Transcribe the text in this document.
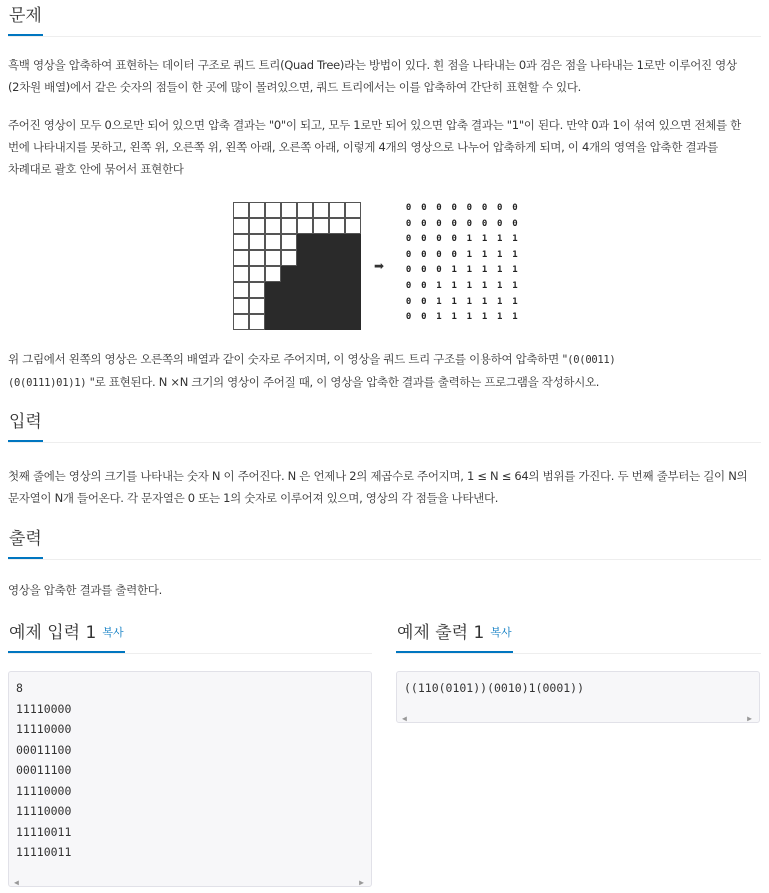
문제

흑백 영상을 압축하여 표현하는 데이터 구조로 쿼드 트리(Quad Tree)라는 방법이 있다. 흰 점을 나타내는 0과 검은 점을 나타내는 1로만 이루어진 영상(2차원 배열)에서 같은 숫자의 점들이 한 곳에 많이 몰려있으면, 쿼드 트리에서는 이를 압축하여 간단히 표현할 수 있다.

주어진 영상이 모두 0으로만 되어 있으면 압축 결과는 "0"이 되고, 모두 1로만 되어 있으면 압축 결과는 "1"이 된다. 만약 0과 1이 섞여 있으면 전체를 한 번에 나타내지를 못하고, 왼쪽 위, 오른쪽 위, 왼쪽 아래, 오른쪽 아래, 이렇게 4개의 영상으로 나누어 압축하게 되며, 이 4개의 영역을 압축한 결과를 차례대로 괄호 안에 묶어서 표현한다

➡
0 0 0 0 0 0 0 0
0 0 0 0 0 0 0 0
0 0 0 0 1 1 1 1
0 0 0 0 1 1 1 1
0 0 0 1 1 1 1 1
0 0 1 1 1 1 1 1
0 0 1 1 1 1 1 1
0 0 1 1 1 1 1 1

위 그림에서 왼쪽의 영상은 오른쪽의 배열과 같이 숫자로 주어지며, 이 영상을 쿼드 트리 구조를 이용하여 압축하면 "(0(0011)
(0(0111)01)1) "로 표현된다. N ×N 크기의 영상이 주어질 때, 이 영상을 압축한 결과를 출력하는 프로그램을 작성하시오.

입력

첫째 줄에는 영상의 크기를 나타내는 숫자 N 이 주어진다. N 은 언제나 2의 제곱수로 주어지며, 1 ≤ N ≤ 64의 범위를 가진다. 두 번째 줄부터는 길이 N의 문자열이 N개 들어온다. 각 문자열은 0 또는 1의 숫자로 이루어져 있으며, 영상의 각 점들을 나타낸다.

출력

영상을 압축한 결과를 출력한다.

예제 입력 1 복사
8
11110000
11110000
00011100
00011100
11110000
11110000
11110011
11110011
◀	▶
예제 출력 1 복사
((110(0101))(0010)1(0001))
◀	▶
